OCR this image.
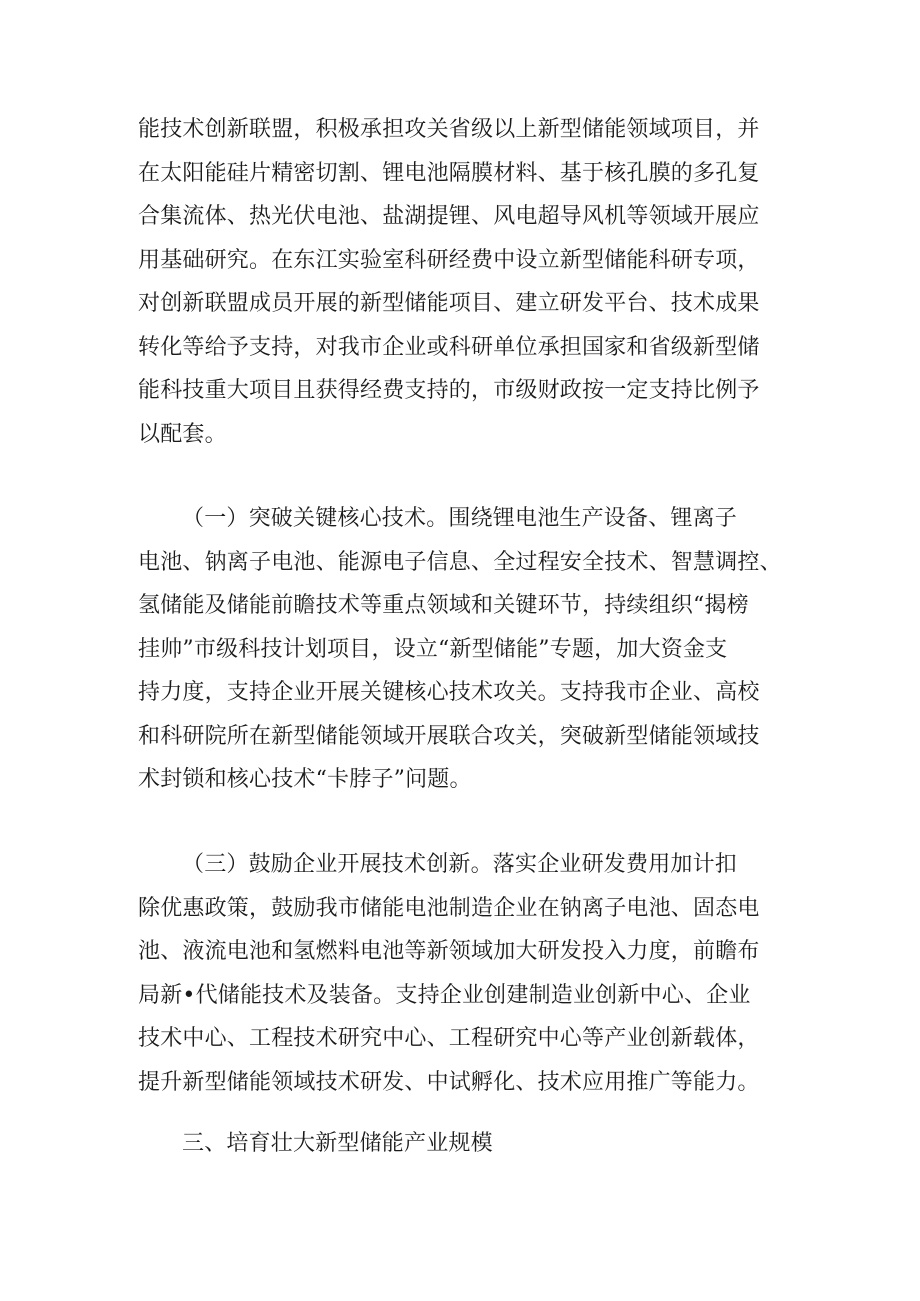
能技术创新联盟，积极承担攻关省级以上新型储能领域项目，并
在太阳能硅片精密切割、锂电池隔膜材料、基于核孔膜的多孔复
合集流体、热光伏电池、盐湖提锂、风电超导风机等领域开展应
用基础研究。在东江实验室科研经费中设立新型储能科研专项，
对创新联盟成员开展的新型储能项目、建立研发平台、技术成果
转化等给予支持，对我市企业或科研单位承担国家和省级新型储
能科技重大项目且获得经费支持的，市级财政按一定支持比例予
以配套。
（一）突破关键核心技术。围绕锂电池生产设备、锂离子
电池、钠离子电池、能源电子信息、全过程安全技术、智慧调控、
氢储能及储能前瞻技术等重点领域和关键环节，持续组织“揭榜
挂帅”市级科技计划项目，设立“新型储能”专题，加大资金支
持力度，支持企业开展关键核心技术攻关。支持我市企业、高校
和科研院所在新型储能领域开展联合攻关，突破新型储能领域技
术封锁和核心技术“卡脖子”问题。
（三）鼓励企业开展技术创新。落实企业研发费用加计扣
除优惠政策，鼓励我市储能电池制造企业在钠离子电池、固态电
池、液流电池和氢燃料电池等新领域加大研发投入力度，前瞻布
局新•代储能技术及装备。支持企业创建制造业创新中心、企业
技术中心、工程技术研究中心、工程研究中心等产业创新载体，
提升新型储能领域技术研发、中试孵化、技术应用推广等能力。
三、培育壮大新型储能产业规模
